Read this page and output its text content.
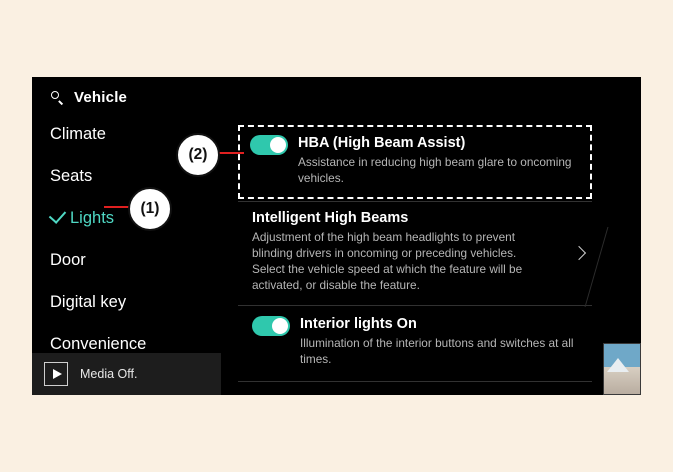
Vehicle
Climate
Seats
Lights
Door
Digital key
Convenience
Media Off.
HBA (High Beam Assist)
Assistance in reducing high beam glare to oncoming vehicles.
Intelligent High Beams
Adjustment of the high beam headlights to prevent blinding drivers in oncoming or preceding vehicles. Select the vehicle speed at which the feature will be activated, or disable the feature.
Interior lights On
Illumination of the interior buttons and switches at all times.
(1)
(2)
